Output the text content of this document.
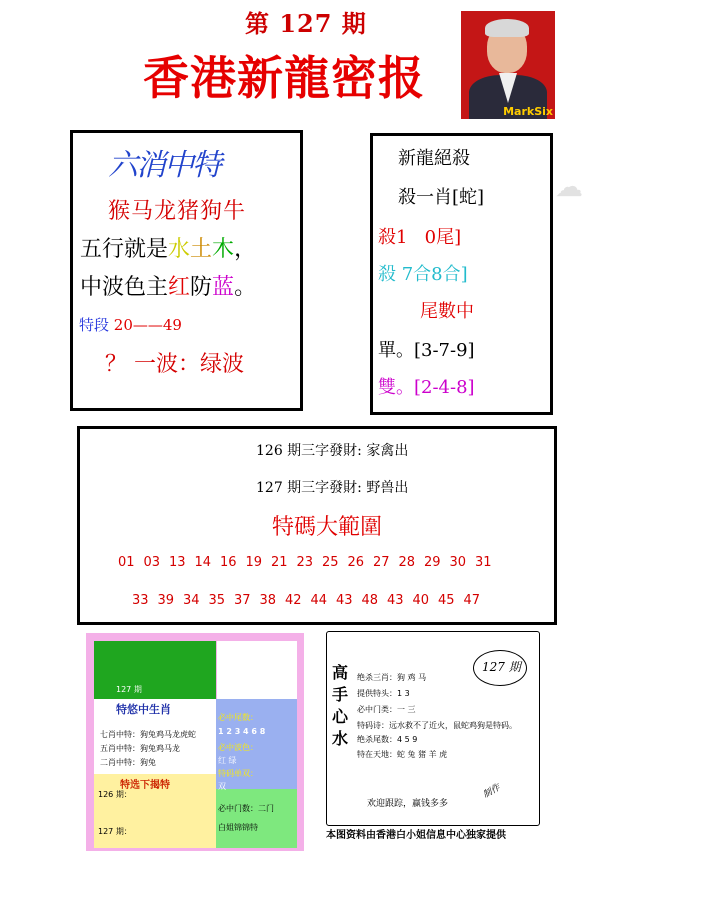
第 127 期
香港新龍密报
MarkSix
六消中特
猴马龙猪狗牛
五行就是水土木，
中波色主红防蓝。
特段 20——49
？ 一波：绿波
新龍絕殺
殺一肖[蛇]
殺1 0尾]
殺 7合8合]
尾數中
單。[3-7-9]
雙。[2-4-8]
☁
126 期三字發財: 家禽出
127 期三字發財: 野兽出
特碼大範圍
01 03 13 14 16 19 21 23 25 26 27 28 29 30 31
33 39 34 35 37 38 42 44 43 48 43 40 45 47
127 期
特悠中生肖
七肖中特：狗兔鸡马龙虎蛇
五肖中特：狗兔鸡马龙
二肖中特：狗兔
特选下揭特
126 期：
127 期：
必中尾数：
1 2 3 4 6 8
必中波色：
红 绿
特码单双：
双
必中门数：二门
白姐锦锦特
高
手
心
水
127 期
绝杀三肖：狗 鸡 马
提供特头：1 3
必中门类：一 三
特码诗：远水救不了近火，鼠蛇鸡狗是特码。
绝杀尾数：4 5 9
特在天地：蛇 兔 猪 羊 虎
欢迎跟踪，赢钱多多
制作
本图资料由香港白小姐信息中心独家提供
